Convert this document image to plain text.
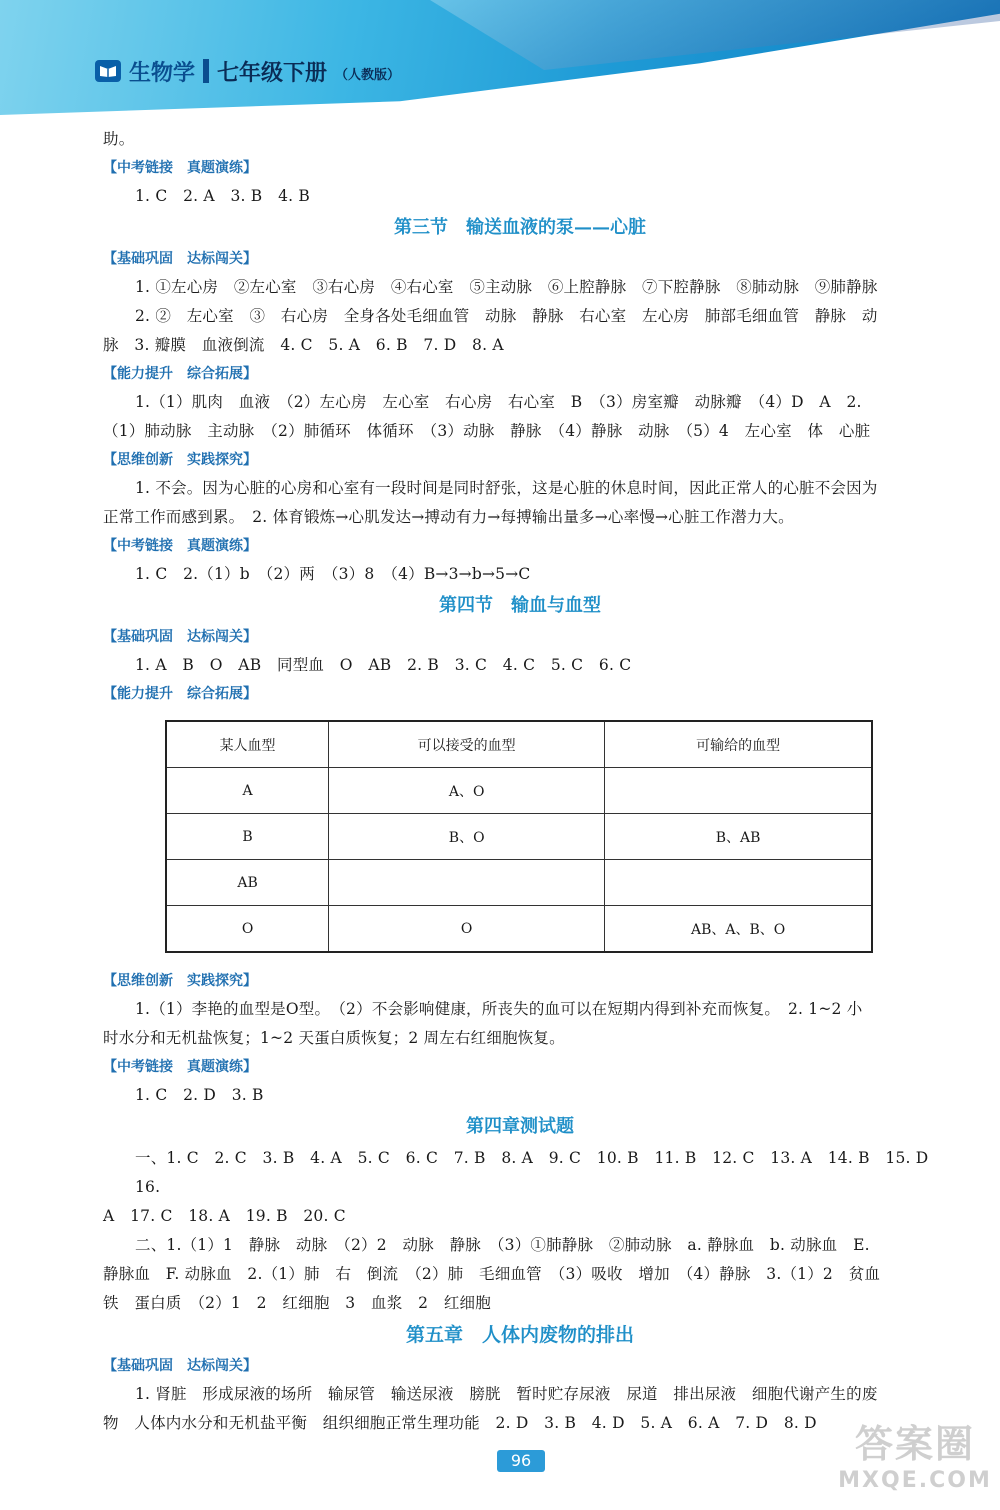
生物学 七年级下册 （人教版）
助。
【中考链接　真题演练】
1. C　2. A　3. B　4. B
第三节　输送血液的泵——心脏
【基础巩固　达标闯关】
1. ①左心房　②左心室　③右心房　④右心室　⑤主动脉　⑥上腔静脉　⑦下腔静脉　⑧肺动脉　⑨肺静脉
2. ②　左心室　③　右心房　全身各处毛细血管　动脉　静脉　右心室　左心房　肺部毛细血管　静脉　动
脉　3. 瓣膜　血液倒流　4. C　5. A　6. B　7. D　8. A
【能力提升　综合拓展】
1.（1）肌肉　血液　（2）左心房　左心室　右心房　右心室　B　（3）房室瓣　动脉瓣　（4）D　A　2.
（1）肺动脉　主动脉　（2）肺循环　体循环　（3）动脉　静脉　（4）静脉　动脉　（5）4　左心室　体　心脏
【思维创新　实践探究】
1. 不会。因为心脏的心房和心室有一段时间是同时舒张，这是心脏的休息时间，因此正常人的心脏不会因为
正常工作而感到累。　2. 体育锻炼→心肌发达→搏动有力→每搏输出量多→心率慢→心脏工作潜力大。
【中考链接　真题演练】
1. C　2.（1）b　（2）两　（3）8　（4）B→3→b→5→C
第四节　输血与血型
【基础巩固　达标闯关】
1. A　B　O　AB　同型血　O　AB　2. B　3. C　4. C　5. C　6. C
【能力提升　综合拓展】
某人血型	可以接受的血型	可输给的血型
A	A、O	
B	B、O	B、AB
AB		
O	O	AB、A、B、O
【思维创新　实践探究】
1.（1）李艳的血型是O型。　（2）不会影响健康，所丧失的血可以在短期内得到补充而恢复。　2. 1~2 小
时水分和无机盐恢复；1~2 天蛋白质恢复；2 周左右红细胞恢复。
【中考链接　真题演练】
1. C　2. D　3. B
第四章测试题
一、1. C　2. C　3. B　4. A　5. C　6. C　7. B　8. A　9. C　10. B　11. B　12. C　13. A　14. B　15. D　16.
A　17. C　18. A　19. B　20. C
二、1.（1）1　静脉　动脉　（2）2　动脉　静脉　（3）①肺静脉　②肺动脉　a. 静脉血　b. 动脉血　E.
静脉血　F. 动脉血　2.（1）肺　右　倒流　（2）肺　毛细血管　（3）吸收　增加　（4）静脉　3.（1）2　贫血
铁　蛋白质　（2）1　2　红细胞　3　血浆　2　红细胞
第五章　人体内废物的排出
【基础巩固　达标闯关】
1. 肾脏　形成尿液的场所　输尿管　输送尿液　膀胱　暂时贮存尿液　尿道　排出尿液　细胞代谢产生的废
物　人体内水分和无机盐平衡　组织细胞正常生理功能　2. D　3. B　4. D　5. A　6. A　7. D　8. D
96	答案圈
MXQE.COM
